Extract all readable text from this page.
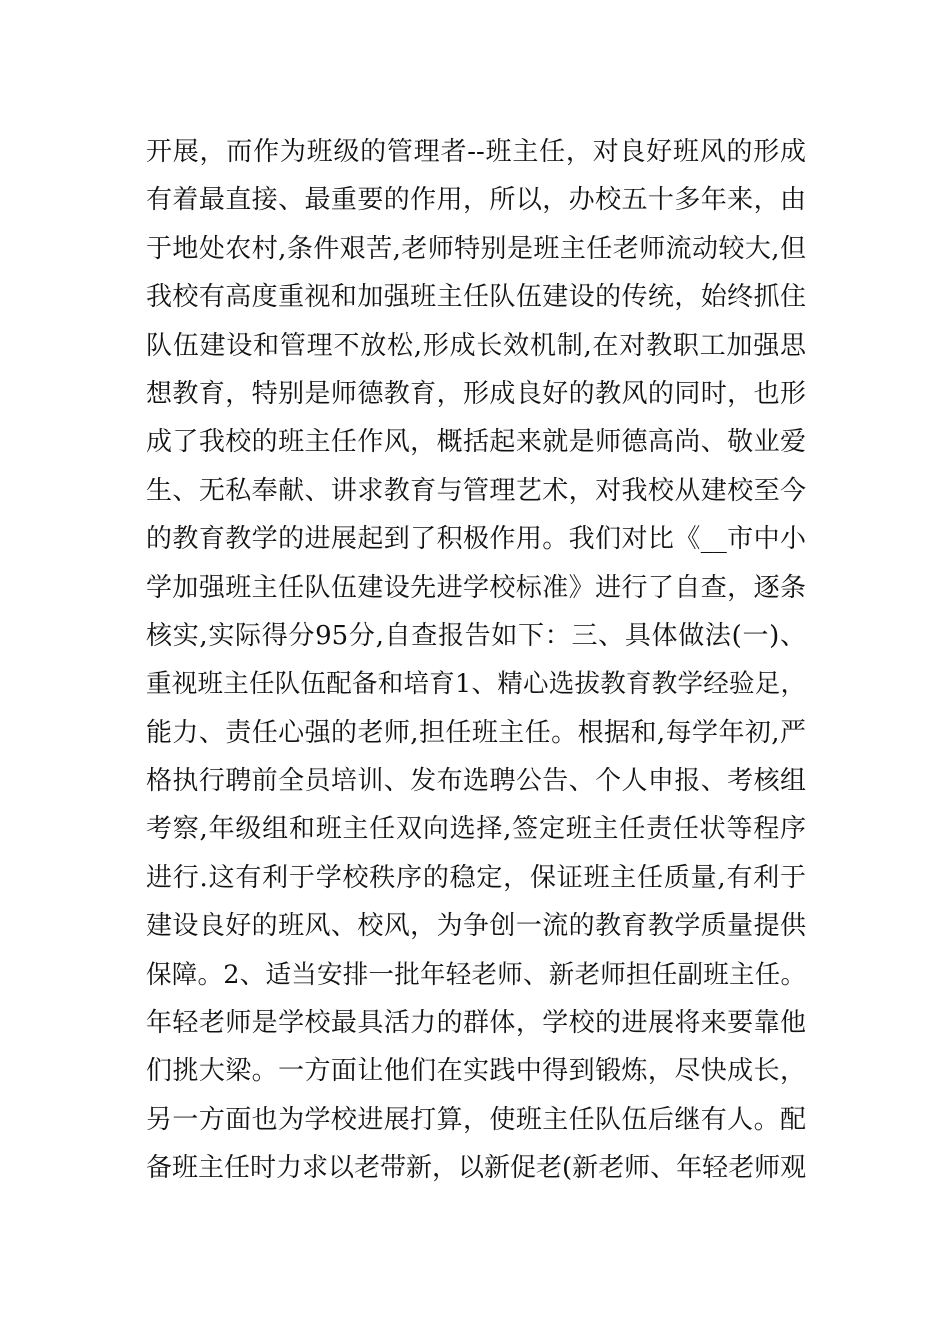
开展，而作为班级的管理者--班主任，对良好班风的形成
有着最直接、最重要的作用，所以，办校五十多年来，由
于地处农村,条件艰苦,老师特别是班主任老师流动较大,但
我校有高度重视和加强班主任队伍建设的传统，始终抓住
队伍建设和管理不放松,形成长效机制,在对教职工加强思
想教育，特别是师德教育，形成良好的教风的同时，也形
成了我校的班主任作风，概括起来就是师德高尚、敬业爱
生、无私奉献、讲求教育与管理艺术，对我校从建校至今
的教育教学的进展起到了积极作用。我们对比《__市中小
学加强班主任队伍建设先进学校标准》进行了自查，逐条
核实,实际得分95分,自查报告如下：三、具体做法(一)、
重视班主任队伍配备和培育1、精心选拔教育教学经验足，
能力、责任心强的老师,担任班主任。根据和,每学年初,严
格执行聘前全员培训、发布选聘公告、个人申报、考核组
考察,年级组和班主任双向选择,签定班主任责任状等程序
进行.这有利于学校秩序的稳定，保证班主任质量,有利于
建设良好的班风、校风，为争创一流的教育教学质量提供
保障。2、适当安排一批年轻老师、新老师担任副班主任。
年轻老师是学校最具活力的群体，学校的进展将来要靠他
们挑大梁。一方面让他们在实践中得到锻炼，尽快成长，
另一方面也为学校进展打算，使班主任队伍后继有人。配
备班主任时力求以老带新，以新促老(新老师、年轻老师观
